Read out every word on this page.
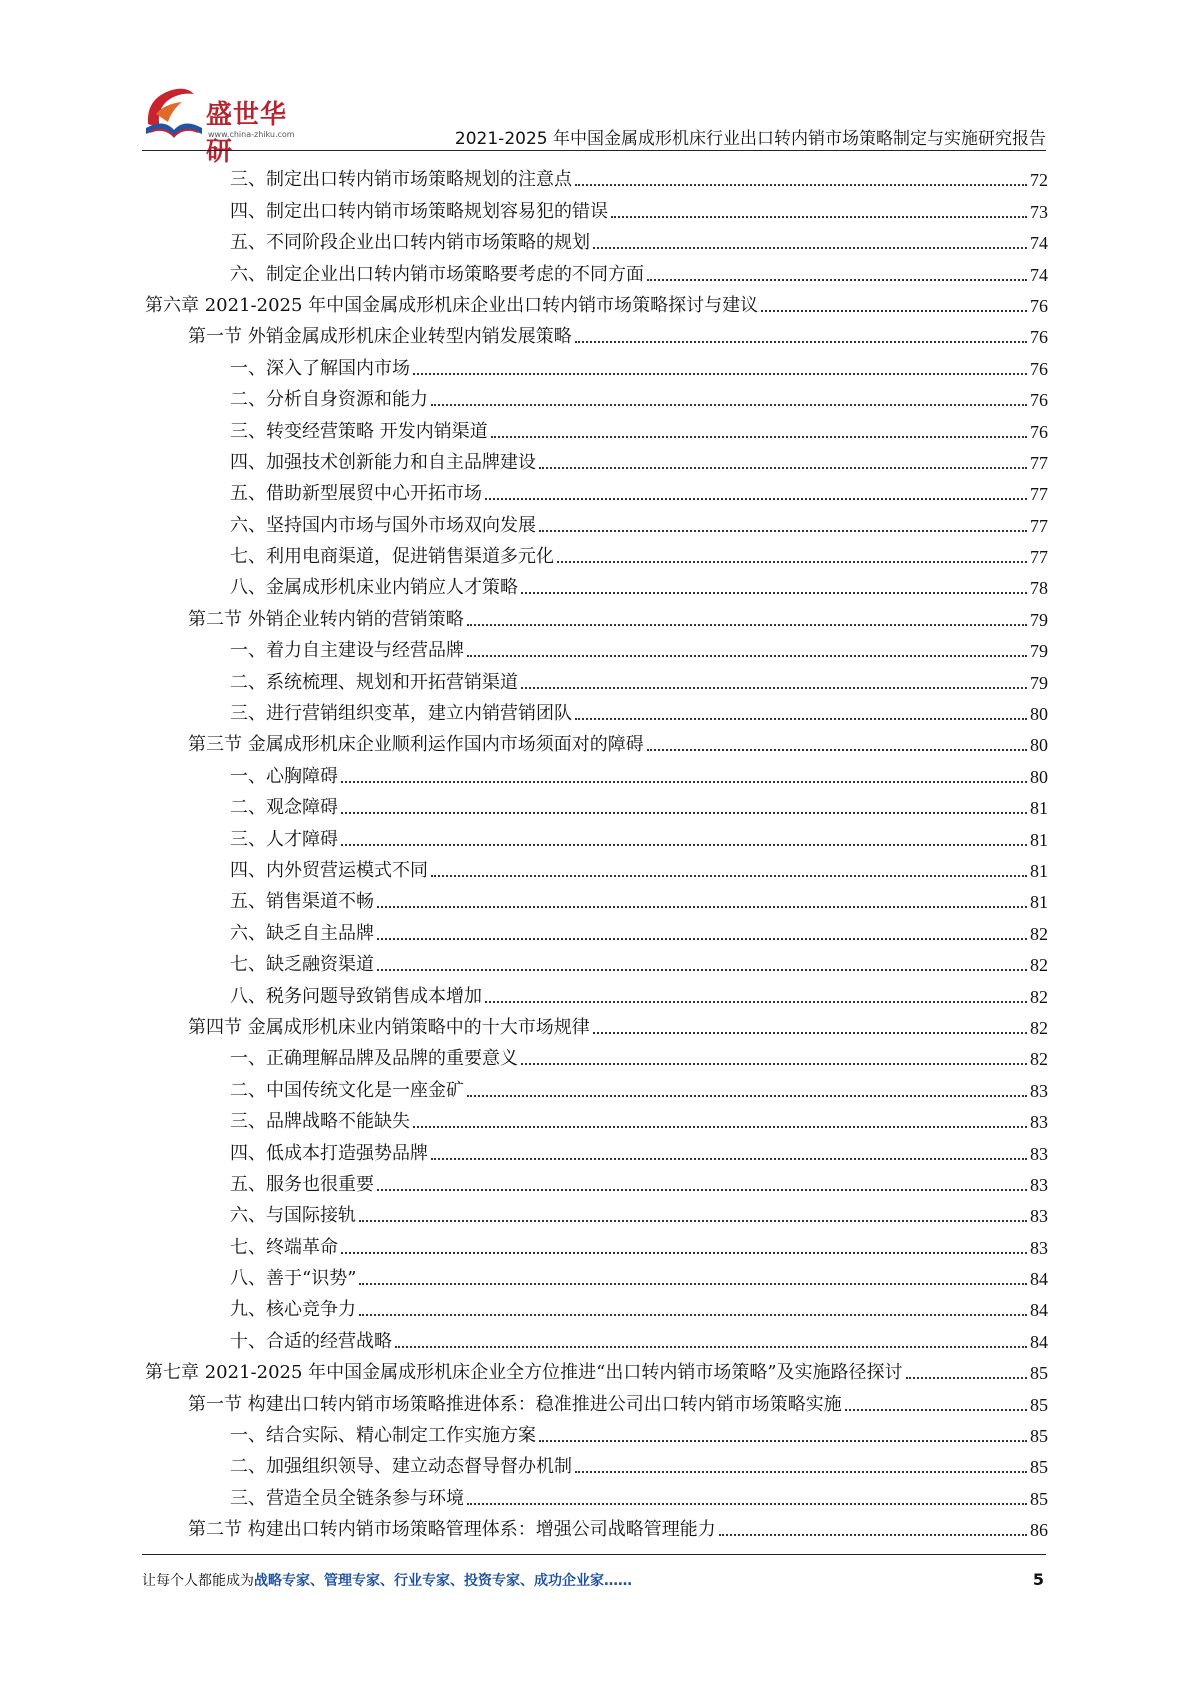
盛世华研
www.china-zhiku.com	2021-2025 年中国金属成形机床行业出口转内销市场策略制定与实施研究报告
三、制定出口转内销市场策略规划的注意点	72
四、制定出口转内销市场策略规划容易犯的错误	73
五、不同阶段企业出口转内销市场策略的规划	74
六、制定企业出口转内销市场策略要考虑的不同方面	74
第六章 2021-2025 年中国金属成形机床企业出口转内销市场策略探讨与建议	76
第一节 外销金属成形机床企业转型内销发展策略	76
一、深入了解国内市场	76
二、分析自身资源和能力	76
三、转变经营策略 开发内销渠道	76
四、加强技术创新能力和自主品牌建设	77
五、借助新型展贸中心开拓市场	77
六、坚持国内市场与国外市场双向发展	77
七、利用电商渠道，促进销售渠道多元化	77
八、金属成形机床业内销应人才策略	78
第二节 外销企业转内销的营销策略	79
一、着力自主建设与经营品牌	79
二、系统梳理、规划和开拓营销渠道	79
三、进行营销组织变革，建立内销营销团队	80
第三节 金属成形机床企业顺利运作国内市场须面对的障碍	80
一、心胸障碍	80
二、观念障碍	81
三、人才障碍	81
四、内外贸营运模式不同	81
五、销售渠道不畅	81
六、缺乏自主品牌	82
七、缺乏融资渠道	82
八、税务问题导致销售成本增加	82
第四节 金属成形机床业内销策略中的十大市场规律	82
一、正确理解品牌及品牌的重要意义	82
二、中国传统文化是一座金矿	83
三、品牌战略不能缺失	83
四、低成本打造强势品牌	83
五、服务也很重要	83
六、与国际接轨	83
七、终端革命	83
八、善于“识势”	84
九、核心竞争力	84
十、合适的经营战略	84
第七章 2021-2025 年中国金属成形机床企业全方位推进“出口转内销市场策略”及实施路径探讨	85
第一节 构建出口转内销市场策略推进体系：稳准推进公司出口转内销市场策略实施	85
一、结合实际、精心制定工作实施方案	85
二、加强组织领导、建立动态督导督办机制	85
三、营造全员全链条参与环境	85
第二节 构建出口转内销市场策略管理体系：增强公司战略管理能力	86
让每个人都能成为战略专家、管理专家、行业专家、投资专家、成功企业家……	5
